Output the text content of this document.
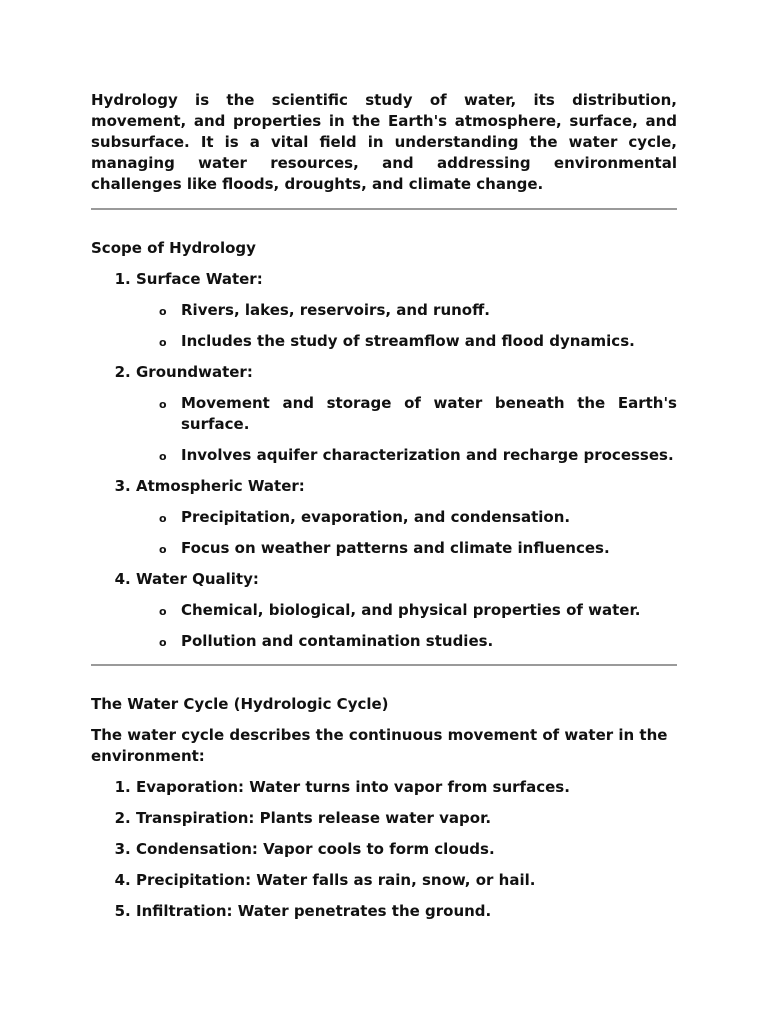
Hydrology is the scientific study of water, its distribution, movement, and properties in the Earth's atmosphere, surface, and subsurface. It is a vital field in understanding the water cycle, managing water resources, and addressing environmental challenges like floods, droughts, and climate change.

Scope of Hydrology
1. Surface Water:
o Rivers, lakes, reservoirs, and runoff.
o Includes the study of streamflow and flood dynamics.
2. Groundwater:
o Movement and storage of water beneath the Earth's surface.
o Involves aquifer characterization and recharge processes.
3. Atmospheric Water:
o Precipitation, evaporation, and condensation.
o Focus on weather patterns and climate influences.
4. Water Quality:
o Chemical, biological, and physical properties of water.
o Pollution and contamination studies.
The Water Cycle (Hydrologic Cycle)

The water cycle describes the continuous movement of water in the environment:

1. Evaporation: Water turns into vapor from surfaces.
2. Transpiration: Plants release water vapor.
3. Condensation: Vapor cools to form clouds.
4. Precipitation: Water falls as rain, snow, or hail.
5. Infiltration: Water penetrates the ground.
